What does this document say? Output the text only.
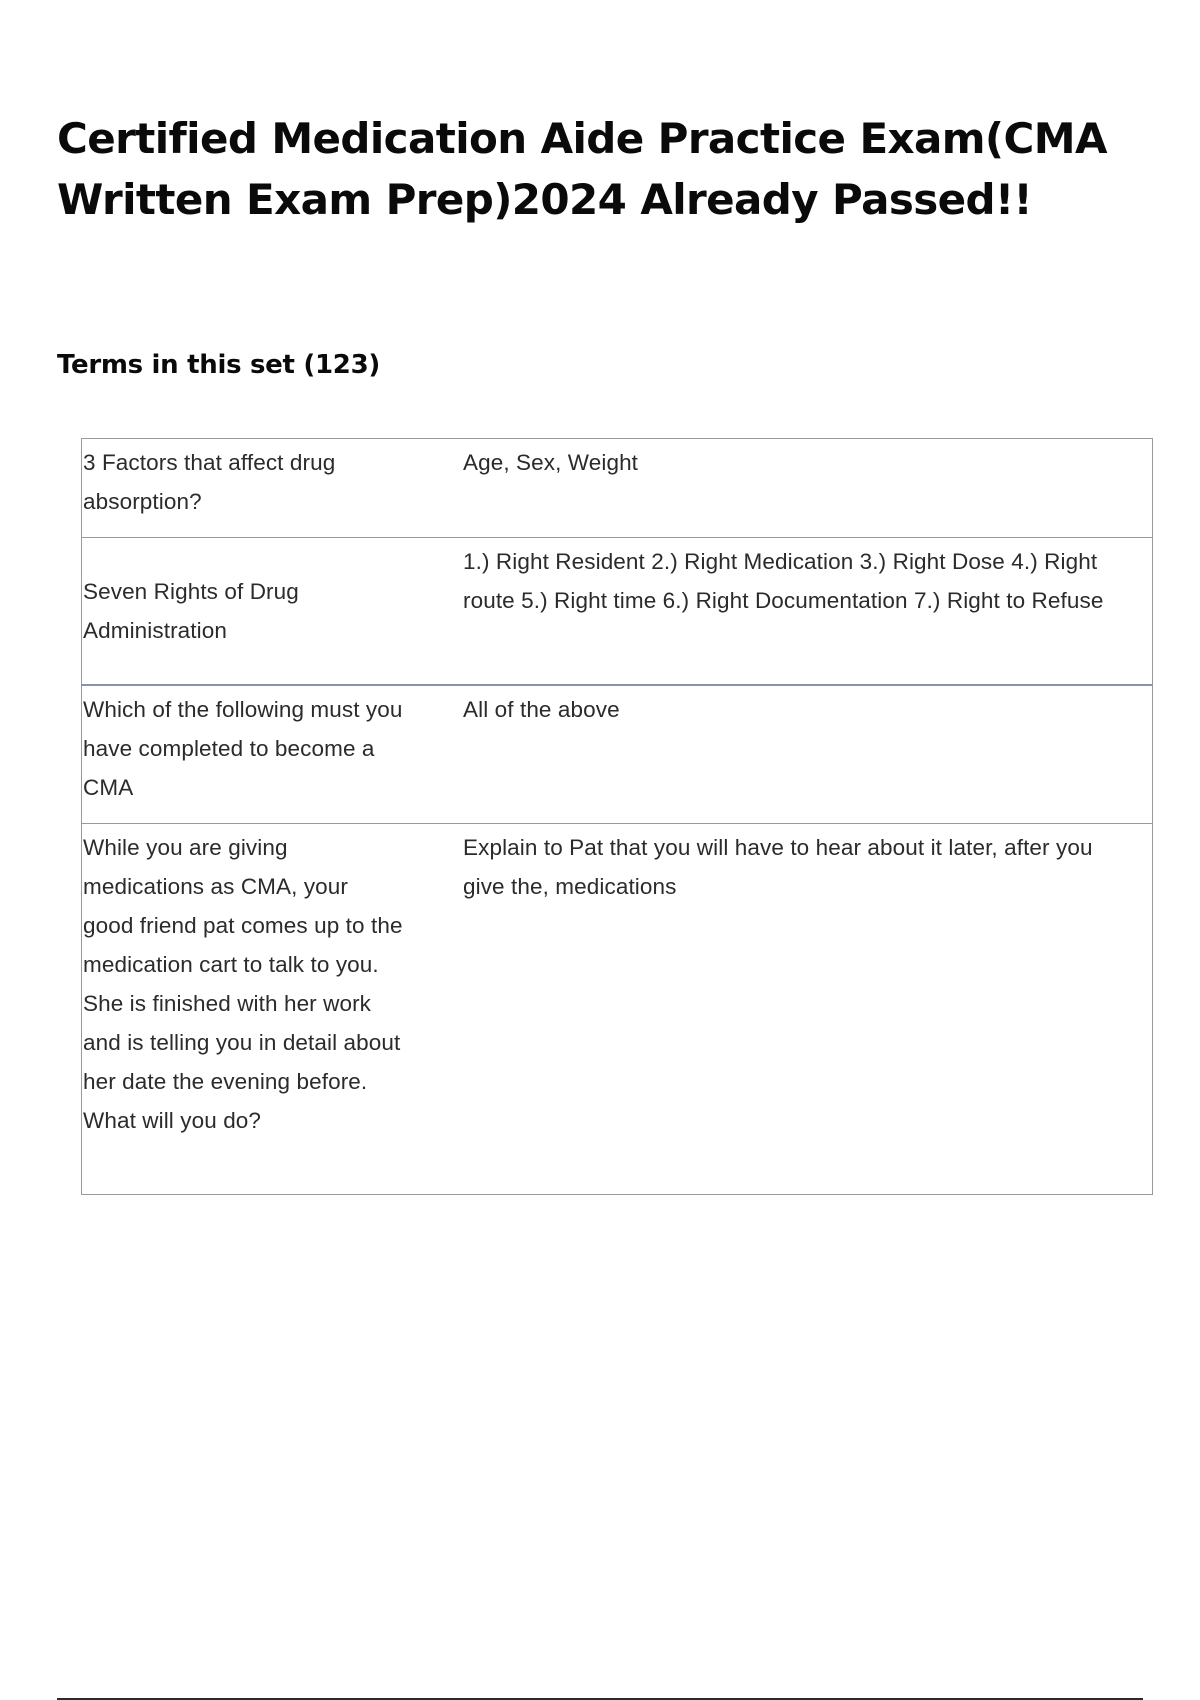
Certified Medication Aide Practice Exam(CMA Written Exam Prep)2024 Already Passed!!
Terms in this set (123)
3 Factors that affect drug absorption?	Age, Sex, Weight
Seven Rights of Drug Administration	1.) Right Resident 2.) Right Medication 3.) Right Dose 4.) Right route 5.) Right time 6.) Right Documentation 7.) Right to Refuse
Which of the following must you have completed to become a CMA	All of the above
While you are giving medications as CMA, your good friend pat comes up to the medication cart to talk to you. She is finished with her work and is telling you in detail about her date the evening before. What will you do?	Explain to Pat that you will have to hear about it later, after you give the, medications
